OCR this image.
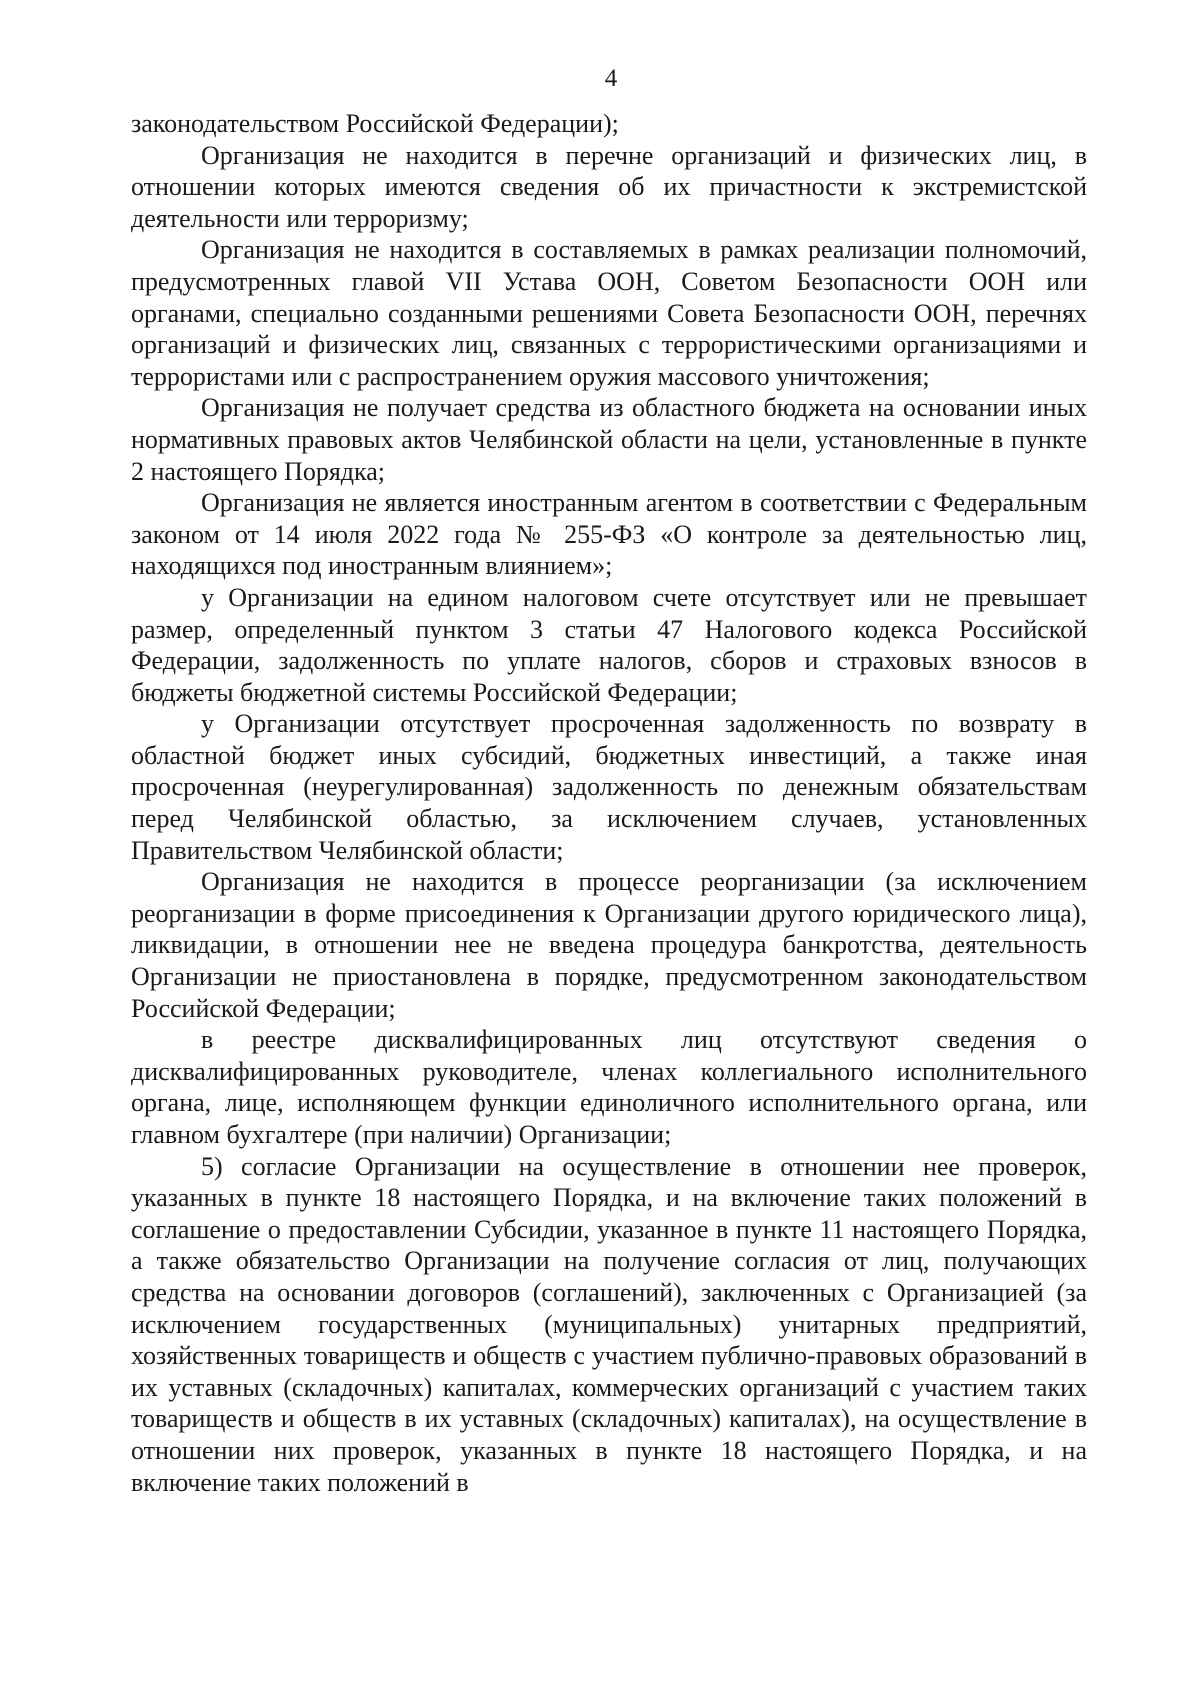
4

законодательством Российской Федерации);

Организация не находится в перечне организаций и физических лиц, в отношении которых имеются сведения об их причастности к экстремистской деятельности или терроризму;

Организация не находится в составляемых в рамках реализации полномочий, предусмотренных главой VII Устава ООН, Советом Безопасности ООН или органами, специально созданными решениями Совета Безопасности ООН, перечнях организаций и физических лиц, связанных с террористическими организациями и террористами или с распространением оружия массового уничтожения;

Организация не получает средства из областного бюджета на основании иных нормативных правовых актов Челябинской области на цели, установленные в пункте 2 настоящего Порядка;

Организация не является иностранным агентом в соответствии с Федеральным законом от 14 июля 2022 года № 255-ФЗ «О контроле за деятельностью лиц, находящихся под иностранным влиянием»;

у Организации на едином налоговом счете отсутствует или не превышает размер, определенный пунктом 3 статьи 47 Налогового кодекса Российской Федерации, задолженность по уплате налогов, сборов и страховых взносов в бюджеты бюджетной системы Российской Федерации;

у Организации отсутствует просроченная задолженность по возврату в областной бюджет иных субсидий, бюджетных инвестиций, а также иная просроченная (неурегулированная) задолженность по денежным обязательствам перед Челябинской областью, за исключением случаев, установленных Правительством Челябинской области;

Организация не находится в процессе реорганизации (за исключением реорганизации в форме присоединения к Организации другого юридического лица), ликвидации, в отношении нее не введена процедура банкротства, деятельность Организации не приостановлена в порядке, предусмотренном законодательством Российской Федерации;

в реестре дисквалифицированных лиц отсутствуют сведения о дисквалифицированных руководителе, членах коллегиального исполнительного органа, лице, исполняющем функции единоличного исполнительного органа, или главном бухгалтере (при наличии) Организации;

5) согласие Организации на осуществление в отношении нее проверок, указанных в пункте 18 настоящего Порядка, и на включение таких положений в соглашение о предоставлении Субсидии, указанное в пункте 11 настоящего Порядка, а также обязательство Организации на получение согласия от лиц, получающих средства на основании договоров (соглашений), заключенных с Организацией (за исключением государственных (муниципальных) унитарных предприятий, хозяйственных товариществ и обществ с участием публично-правовых образований в их уставных (складочных) капиталах, коммерческих организаций с участием таких товариществ и обществ в их уставных (складочных) капиталах), на осуществление в отношении них проверок, указанных в пункте 18 настоящего Порядка, и на включение таких положений в
